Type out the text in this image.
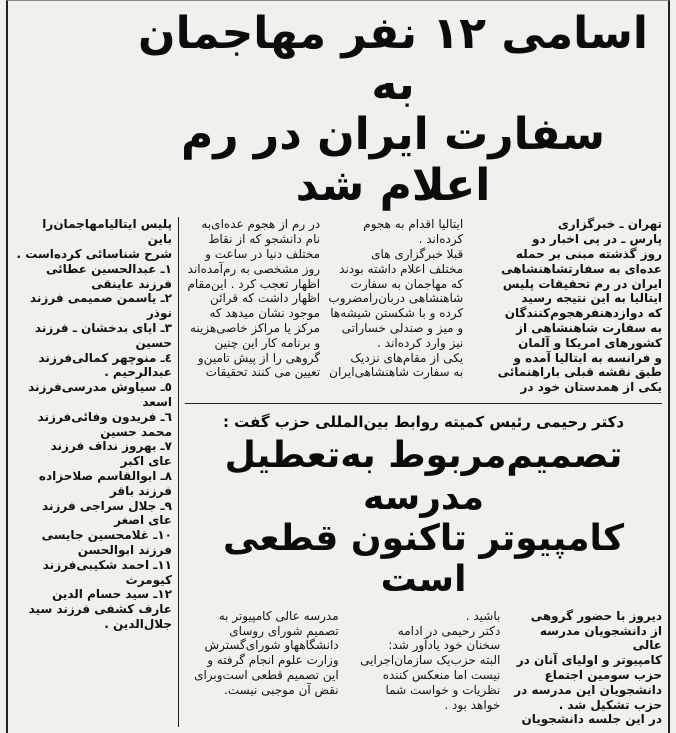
اسامی ۱۲ نفر مهاجمان به
سفارت ایران در رم اعلام شد
پلیس ایتالیامهاجمان‌را باین
شرح شناسائی کرده‌است .
۱ـ عبدالحسین عطائی
فرزند عاینقی
۲ـ یاسمن صمیمی فرزند
نوذر
۳ـ ایای بدخشان ـ فرزند
حسین
٤ـ منوچهر کمالی‌فرزند
عبدالرحیم .
٥ـ سیاوش مدرسی‌فرزند
اسعد
٦ـ فریدون وفائی‌فرزند
محمد حسین
۷ـ بهروز نداف فرزند
عای اکبر
۸ـ ابوالقاسم صلاحزاده
فرزند باقر
۹ـ جلال سراجی فرزند
عای اصغر
۱۰ـ غلامحسین جایسی
فرزند ابوالحسن
۱۱ـ احمد شکیبی‌فرزند
کیومرث
۱۲ـ سید حسام الدین
عارف کشفی فرزند سید
جلال‌الدین .
تهران ـ خبرگزاری
پارس ـ در پی اخبار دو
روز گذشته مبنی بر حمله
عده‌ای به سفارتشاهنشاهی
ایران در رم تحقیقات پلیس
ایتالیا به این نتیجه رسید
که دوازدهنفرهجوم‌کنندگان
به سفارت شاهنشاهی از
کشورهای امریکا و آلمان
و فرانسه به ایتالیا آمده و
طبق نقشه قبلی باراهنمائی
یکی از همدستان خود در
ایتالیا اقدام به هجوم
کرده‌اند .
قبلا خبرگزاری های
مختلف اعلام داشته بودند
که مهاجمان به سفارت
شاهنشاهی دربان‌رامضروب
کرده و با شکستن شیشه‌ها
و میز و صندلی خساراتی
نیز وارد کرده‌اند .
یکی از مقام‌های نزدیک
به سفارت شاهنشاهی‌ایران
در رم از هجوم عده‌ای‌به
نام دانشجو که از نقاط
مختلف دنیا در ساعت و
روز مشخصی به رم‌آمده‌اند
اظهار تعجب کرد . این‌مقام
اظهار داشت که قرائن
موجود نشان میدهد که
مرکز یا مراکز خاصی‌هزینه
و برنامه کار این چنین
گروهی را از پیش تامین‌و
تعیین می کنند تحقیقات
دکتر رحیمی رئیس کمیته روابط بین‌المللی حزب گفت :
تصمیم‌مربوط به‌تعطیل مدرسه
کامپیوتر تاکنون قطعی است
دیروز با حضور گروهی
از دانشجویان مدرسه عالی
کامپیوتر و اولیای آنان در
حزب سومین اجتماع
دانشجویان این مدرسه در
حزب تشکیل شد .
در این جلسه دانشجویان
باشید .
دکتر رحیمی در ادامه
سخنان خود یادآور شد:
البته حزب‌یک سازمان‌اجرایی
نیست اما منعکس کننده
نظریات و خواست شما
خواهد بود .
مدرسه عالی کامپیوتر به
تصمیم شورای روسای
دانشگاهها‌و شورای‌گسترش
وزارت علوم انجام گرفته و
این تصمیم قطعی است‌وبرای
نقض آن موجبی نیست.
